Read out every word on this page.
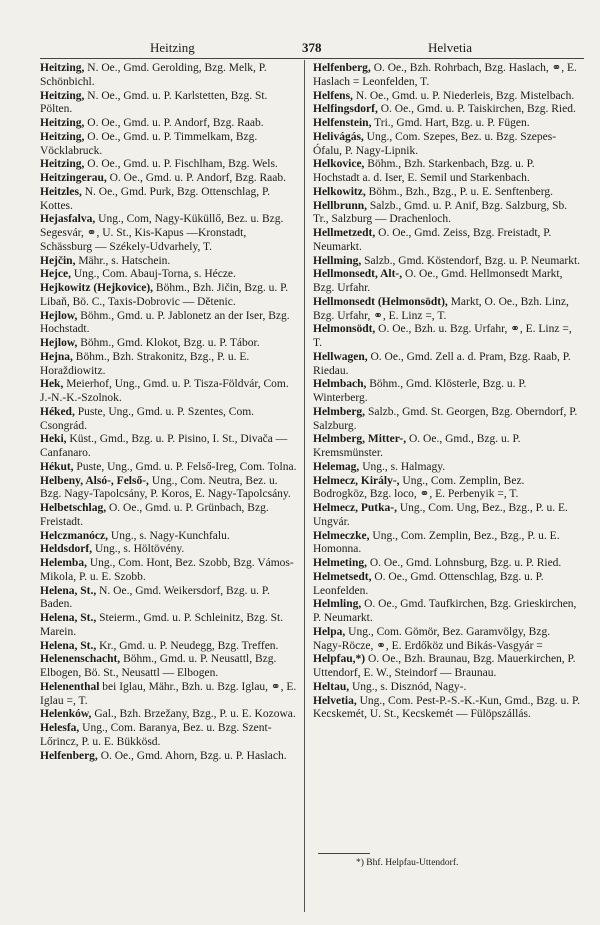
Heitzing	378	Helvetia

Heitzing, N. Oe., Gmd. Gerolding, Bzg. Melk, P. Schönbichl.

Heitzing, N. Oe., Gmd. u. P. Karlstetten, Bzg. St. Pölten.

Heitzing, O. Oe., Gmd. u. P. Andorf, Bzg. Raab.

Heitzing, O. Oe., Gmd. u. P. Timmelkam, Bzg. Vöcklabruck.

Heitzing, O. Oe., Gmd. u. P. Fischlham, Bzg. Wels.

Heitzingerau, O. Oe., Gmd. u. P. Andorf, Bzg. Raab.

Heitzles, N. Oe., Gmd. Purk, Bzg. Ottenschlag, P. Kottes.

Hejasfalva, Ung., Com, Nagy-Küküllő, Bez. u. Bzg. Segesvár, ⚭, U. St., Kis-Kapus —Kronstadt, Schässburg — Székely-Udvarhely, T.

Hejčin, Mähr., s. Hatschein.

Hejce, Ung., Com. Abauj-Torna, s. Hécze.

Hejkowitz (Hejkovice), Böhm., Bzh. Jičin, Bzg. u. P. Libaň, Bö. C., Taxis-Dobrovic — Dětenic.

Hejlow, Böhm., Gmd. u. P. Jablonetz an der Iser, Bzg. Hochstadt.

Hejlow, Böhm., Gmd. Klokot, Bzg. u. P. Tábor.

Hejna, Böhm., Bzh. Strakonitz, Bzg., P. u. E. Horaždiowitz.

Hek, Meierhof, Ung., Gmd. u. P. Tisza-Földvár, Com. J.-N.-K.-Szolnok.

Héked, Puste, Ung., Gmd. u. P. Szentes, Com. Csongrád.

Heki, Küst., Gmd., Bzg. u. P. Pisino, I. St., Divača — Canfanaro.

Hékut, Puste, Ung., Gmd. u. P. Felső-Ireg, Com. Tolna.

Helbeny, Alsó-, Felső-, Ung., Com. Neutra, Bez. u. Bzg. Nagy-Tapolcsány, P. Koros, E. Nagy-Tapolcsány.

Helbetschlag, O. Oe., Gmd. u. P. Grünbach, Bzg. Freistadt.

Helczmanócz, Ung., s. Nagy-Kunchfalu.

Heldsdorf, Ung., s. Höltövény.

Helemba, Ung., Com. Hont, Bez. Szobb, Bzg. Vámos-Mikola, P. u. E. Szobb.

Helena, St., N. Oe., Gmd. Weikersdorf, Bzg. u. P. Baden.

Helena, St., Steierm., Gmd. u. P. Schleinitz, Bzg. St. Marein.

Helena, St., Kr., Gmd. u. P. Neudegg, Bzg. Treffen.

Helenenschacht, Böhm., Gmd. u. P. Neusattl, Bzg. Elbogen, Bö. St., Neusattl — Elbogen.

Helenenthal bei Iglau, Mähr., Bzh. u. Bzg. Iglau, ⚭, E. Iglau =, T.

Helenków, Gal., Bzh. Brzežany, Bzg., P. u. E. Kozowa.

Helesfa, Ung., Com. Baranya, Bez. u. Bzg. Szent-Lőrincz, P. u. E. Bükkösd.

Helfenberg, O. Oe., Gmd. Ahorn, Bzg. u. P. Haslach.

Helfenberg, O. Oe., Bzh. Rohrbach, Bzg. Haslach, ⚭, E. Haslach = Leonfelden, T.

Helfens, N. Oe., Gmd. u. P. Niederleis, Bzg. Mistelbach.

Helfingsdorf, O. Oe., Gmd. u. P. Taiskirchen, Bzg. Ried.

Helfenstein, Tri., Gmd. Hart, Bzg. u. P. Fügen.

Helivágás, Ung., Com. Szepes, Bez. u. Bzg. Szepes-Ófalu, P. Nagy-Lipnik.

Helkovice, Böhm., Bzh. Starkenbach, Bzg. u. P. Hochstadt a. d. Iser, E. Semil und Starkenbach.

Helkowitz, Böhm., Bzh., Bzg., P. u. E. Senftenberg.

Hellbrunn, Salzb., Gmd. u. P. Anif, Bzg. Salzburg, Sb. Tr., Salzburg — Drachenloch.

Hellmetzedt, O. Oe., Gmd. Zeiss, Bzg. Freistadt, P. Neumarkt.

Hellming, Salzb., Gmd. Köstendorf, Bzg. u. P. Neumarkt.

Hellmonsedt, Alt-, O. Oe., Gmd. Hellmonsedt Markt, Bzg. Urfahr.

Hellmonsedt (Helmonsödt), Markt, O. Oe., Bzh. Linz, Bzg. Urfahr, ⚭, E. Linz =, T.

Helmonsödt, O. Oe., Bzh. u. Bzg. Urfahr, ⚭, E. Linz =, T.

Hellwagen, O. Oe., Gmd. Zell a. d. Pram, Bzg. Raab, P. Riedau.

Helmbach, Böhm., Gmd. Klösterle, Bzg. u. P. Winterberg.

Helmberg, Salzb., Gmd. St. Georgen, Bzg. Oberndorf, P. Salzburg.

Helmberg, Mitter-, O. Oe., Gmd., Bzg. u. P. Kremsmünster.

Helemag, Ung., s. Halmagy.

Helmecz, Király-, Ung., Com. Zemplin, Bez. Bodrogköz, Bzg. loco, ⚭, E. Perbenyik =, T.

Helmecz, Putka-, Ung., Com. Ung, Bez., Bzg., P. u. E. Ungvár.

Helmeczke, Ung., Com. Zemplin, Bez., Bzg., P. u. E. Homonna.

Helmeting, O. Oe., Gmd. Lohnsburg, Bzg. u. P. Ried.

Helmetsedt, O. Oe., Gmd. Ottenschlag, Bzg. u. P. Leonfelden.

Helmling, O. Oe., Gmd. Taufkirchen, Bzg. Grieskirchen, P. Neumarkt.

Helpa, Ung., Com. Gömör, Bez. Garamvölgy, Bzg. Nagy-Röcze, ⚭, E. Erdőköz und Bikás-Vasgyár =

Helpfau,*) O. Oe., Bzh. Braunau, Bzg. Mauerkirchen, P. Uttendorf, E. W., Steindorf — Braunau.

Heltau, Ung., s. Disznód, Nagy-.

Helvetia, Ung., Com. Pest-P.-S.-K.-Kun, Gmd., Bzg. u. P. Kecskemét, U. St., Kecskemét — Fülöpszállás.

*) Bhf. Helpfau-Uttendorf.
